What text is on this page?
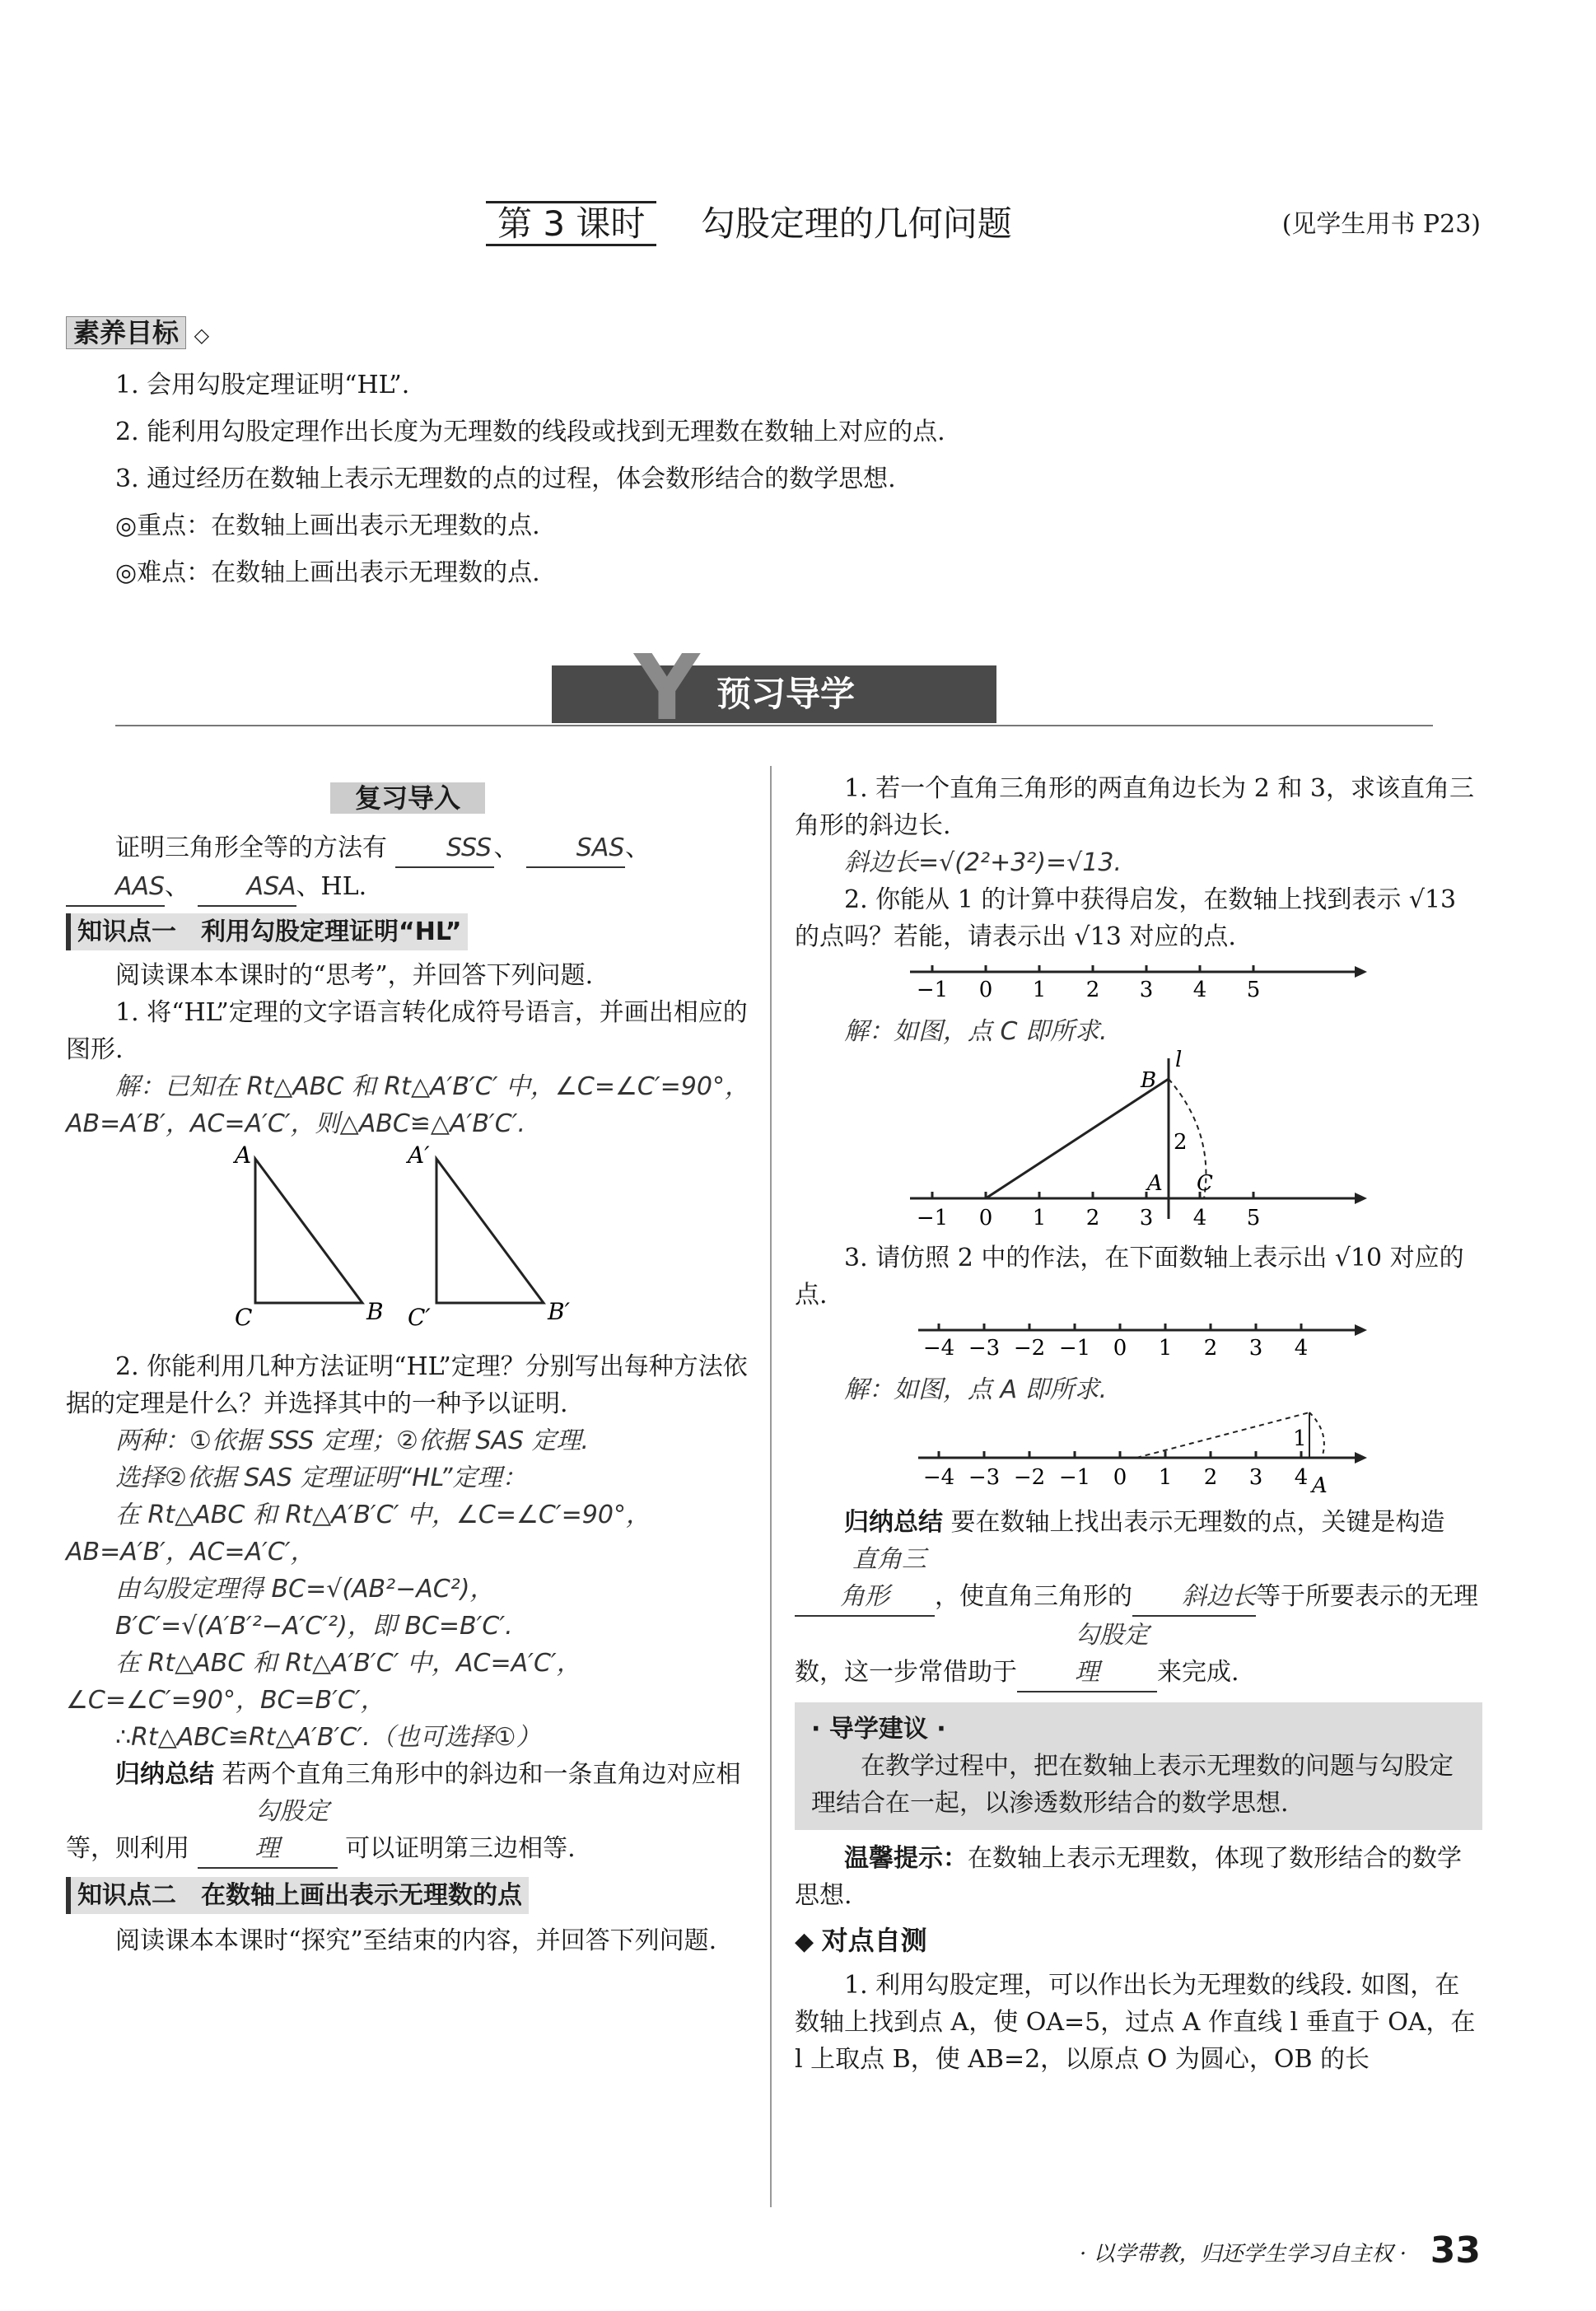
第 3 课时 勾股定理的几何问题	(见学生用书 P23)
素养目标 ◇

1. 会用勾股定理证明“HL”.

2. 能利用勾股定理作出长度为无理数的线段或找到无理数在数轴上对应的点.

3. 通过经历在数轴上表示无理数的点的过程，体会数形结合的数学思想.

◎重点：在数轴上画出表示无理数的点.

◎难点：在数轴上画出表示无理数的点.

预习导学
Y
复习导入

证明三角形全等的方法有 SSS、 SAS、 AAS、 ASA、HL.

知识点一　利用勾股定理证明“HL”

阅读课本本课时的“思考”，并回答下列问题.

1. 将“HL”定理的文字语言转化成符号语言，并画出相应的图形.

解：已知在 Rt△ABC 和 Rt△A′B′C′ 中，∠C=∠C′=90°，AB=A′B′，AC=A′C′，则△ABC≌△A′B′C′.

A
C	B
A′
C′	B′

2. 你能利用几种方法证明“HL”定理？分别写出每种方法依据的定理是什么？并选择其中的一种予以证明.

两种：①依据 SSS 定理；②依据 SAS 定理.

选择②依据 SAS 定理证明“HL”定理：

在 Rt△ABC 和 Rt△A′B′C′ 中，∠C=∠C′=90°，AB=A′B′，AC=A′C′，

由勾股定理得 BC=√(AB²−AC²)，

B′C′=√(A′B′²−A′C′²)，即 BC=B′C′.

在 Rt△ABC 和 Rt△A′B′C′ 中，AC=A′C′，∠C=∠C′=90°，BC=B′C′，

∴Rt△ABC≌Rt△A′B′C′.（也可选择①）

归纳总结 若两个直角三角形中的斜边和一条直角边对应相等，则利用 勾股定理	可以证明第三边相等.

知识点二　在数轴上画出表示无理数的点

阅读课本本课时“探究”至结束的内容，并回答下列问题.

1. 若一个直角三角形的两直角边长为 2 和 3，求该直角三角形的斜边长.

斜边长=√(2²+3²)=√13.

2. 你能从 1 的计算中获得启发，在数轴上找到表示 √13 的点吗？若能，请表示出 √13 对应的点.

−1 0 1 2 3 4 5

解：如图，点 C 即所求.

l
B
2
A C
−1 0 1 2 3 4 5

3. 请仿照 2 中的作法，在下面数轴上表示出 √10 对应的点.

−4 −3 −2 −1 0 1 2 3 4

解：如图，点 A 即所求.

1
A
−4 −3 −2 −1 0 1 2 3 4

归纳总结 要在数轴上找出表示无理数的点，关键是构造直角三角形 ，使直角三角形的 斜边长等于所要表示的无理数，这一步常借助于勾股定理 来完成.

· 导学建议 ·
在教学过程中，把在数轴上表示无理数的问题与勾股定理结合在一起，以渗透数形结合的数学思想.

温馨提示：在数轴上表示无理数，体现了数形结合的数学思想.

◆ 对点自测

1. 利用勾股定理，可以作出长为无理数的线段. 如图，在数轴上找到点 A，使 OA=5，过点 A 作直线 l 垂直于 OA，在 l 上取点 B，使 AB=2，以原点 O 为圆心，OB 的长

· 以学带教，归还学生学习自主权 · 33
